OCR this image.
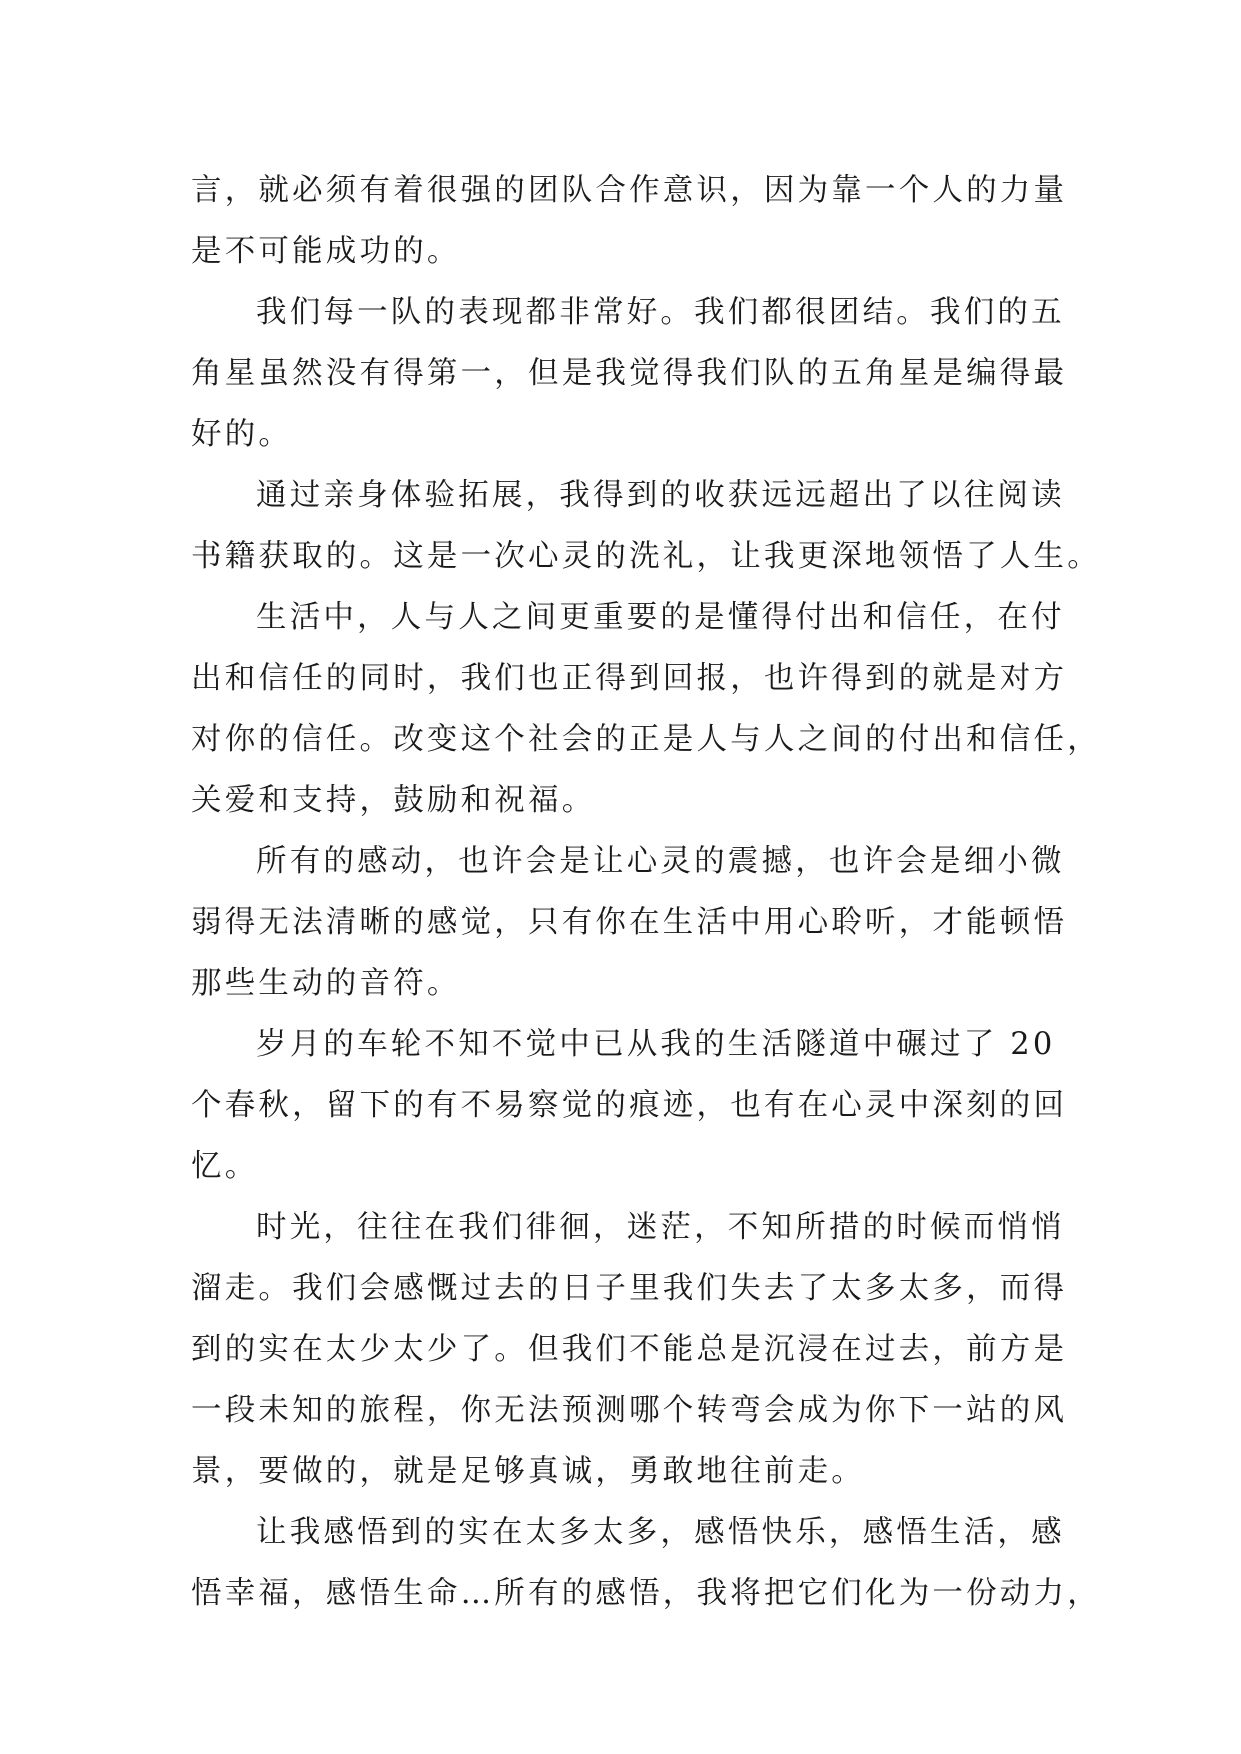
言，就必须有着很强的团队合作意识，因为靠一个人的力量
是不可能成功的。

我们每一队的表现都非常好。我们都很团结。我们的五
角星虽然没有得第一，但是我觉得我们队的五角星是编得最
好的。

通过亲身体验拓展，我得到的收获远远超出了以往阅读
书籍获取的。这是一次心灵的洗礼，让我更深地领悟了人生。

生活中，人与人之间更重要的是懂得付出和信任，在付
出和信任的同时，我们也正得到回报，也许得到的就是对方
对你的信任。改变这个社会的正是人与人之间的付出和信任，
关爱和支持，鼓励和祝福。

所有的感动，也许会是让心灵的震撼，也许会是细小微
弱得无法清晰的感觉，只有你在生活中用心聆听，才能顿悟
那些生动的音符。

岁月的车轮不知不觉中已从我的生活隧道中碾过了 20
个春秋，留下的有不易察觉的痕迹，也有在心灵中深刻的回
忆。

时光，往往在我们徘徊，迷茫，不知所措的时候而悄悄
溜走。我们会感慨过去的日子里我们失去了太多太多，而得
到的实在太少太少了。但我们不能总是沉浸在过去，前方是
一段未知的旅程，你无法预测哪个转弯会成为你下一站的风
景，要做的，就是足够真诚，勇敢地往前走。

让我感悟到的实在太多太多，感悟快乐，感悟生活，感
悟幸福，感悟生命…所有的感悟，我将把它们化为一份动力，
